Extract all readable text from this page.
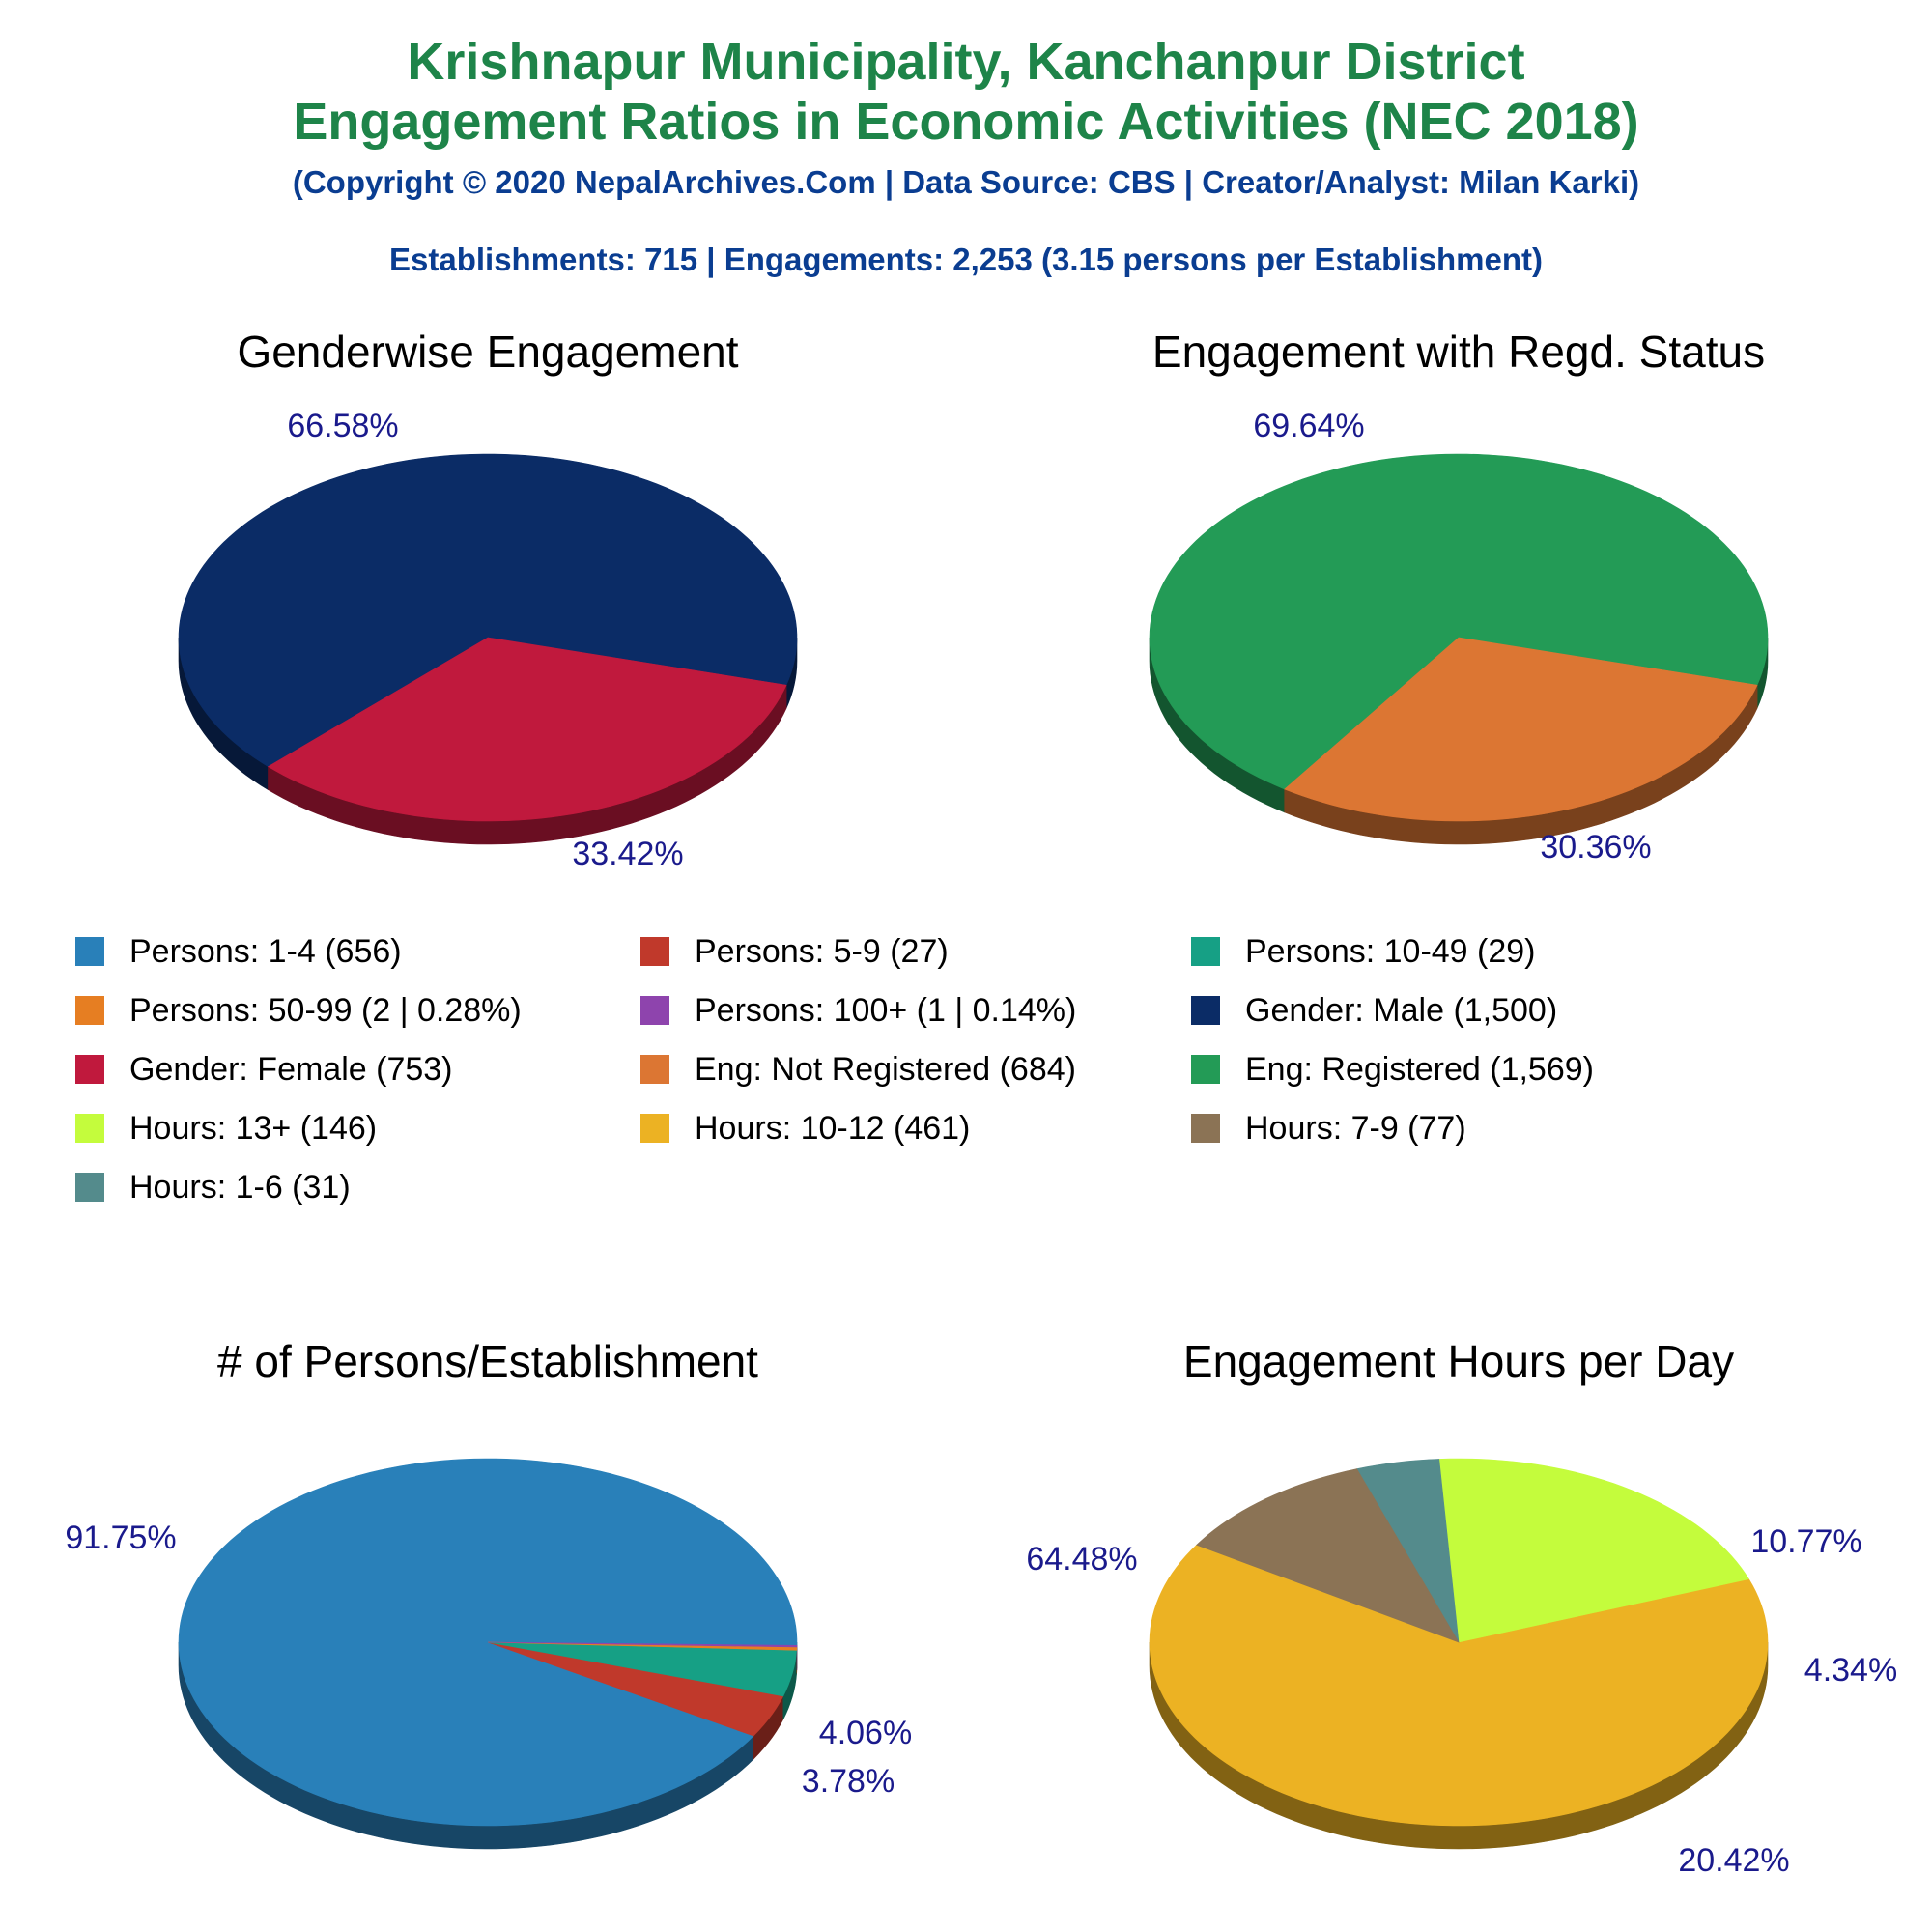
Krishnapur Municipality, Kanchanpur District
Engagement Ratios in Economic Activities (NEC 2018)
(Copyright © 2020 NepalArchives.Com | Data Source: CBS | Creator/Analyst: Milan Karki)
Establishments: 715 | Engagements: 2,253 (3.15 persons per Establishment)
Genderwise Engagement
66.58%
33.42%
Engagement with Regd. Status
69.64%
30.36%
# of Persons/Establishment
91.75%
3.78%
4.06%
Engagement Hours per Day
64.48%
20.42%
4.34%
10.77%
Persons: 1-4 (656)	Persons: 5-9 (27)	Persons: 10-49 (29)
Persons: 50-99 (2 | 0.28%)	Persons: 100+ (1 | 0.14%)	Gender: Male (1,500)
Gender: Female (753)	Eng: Not Registered (684)	Eng: Registered (1,569)
Hours: 13+ (146)	Hours: 10-12 (461)	Hours: 7-9 (77)
Hours: 1-6 (31)
